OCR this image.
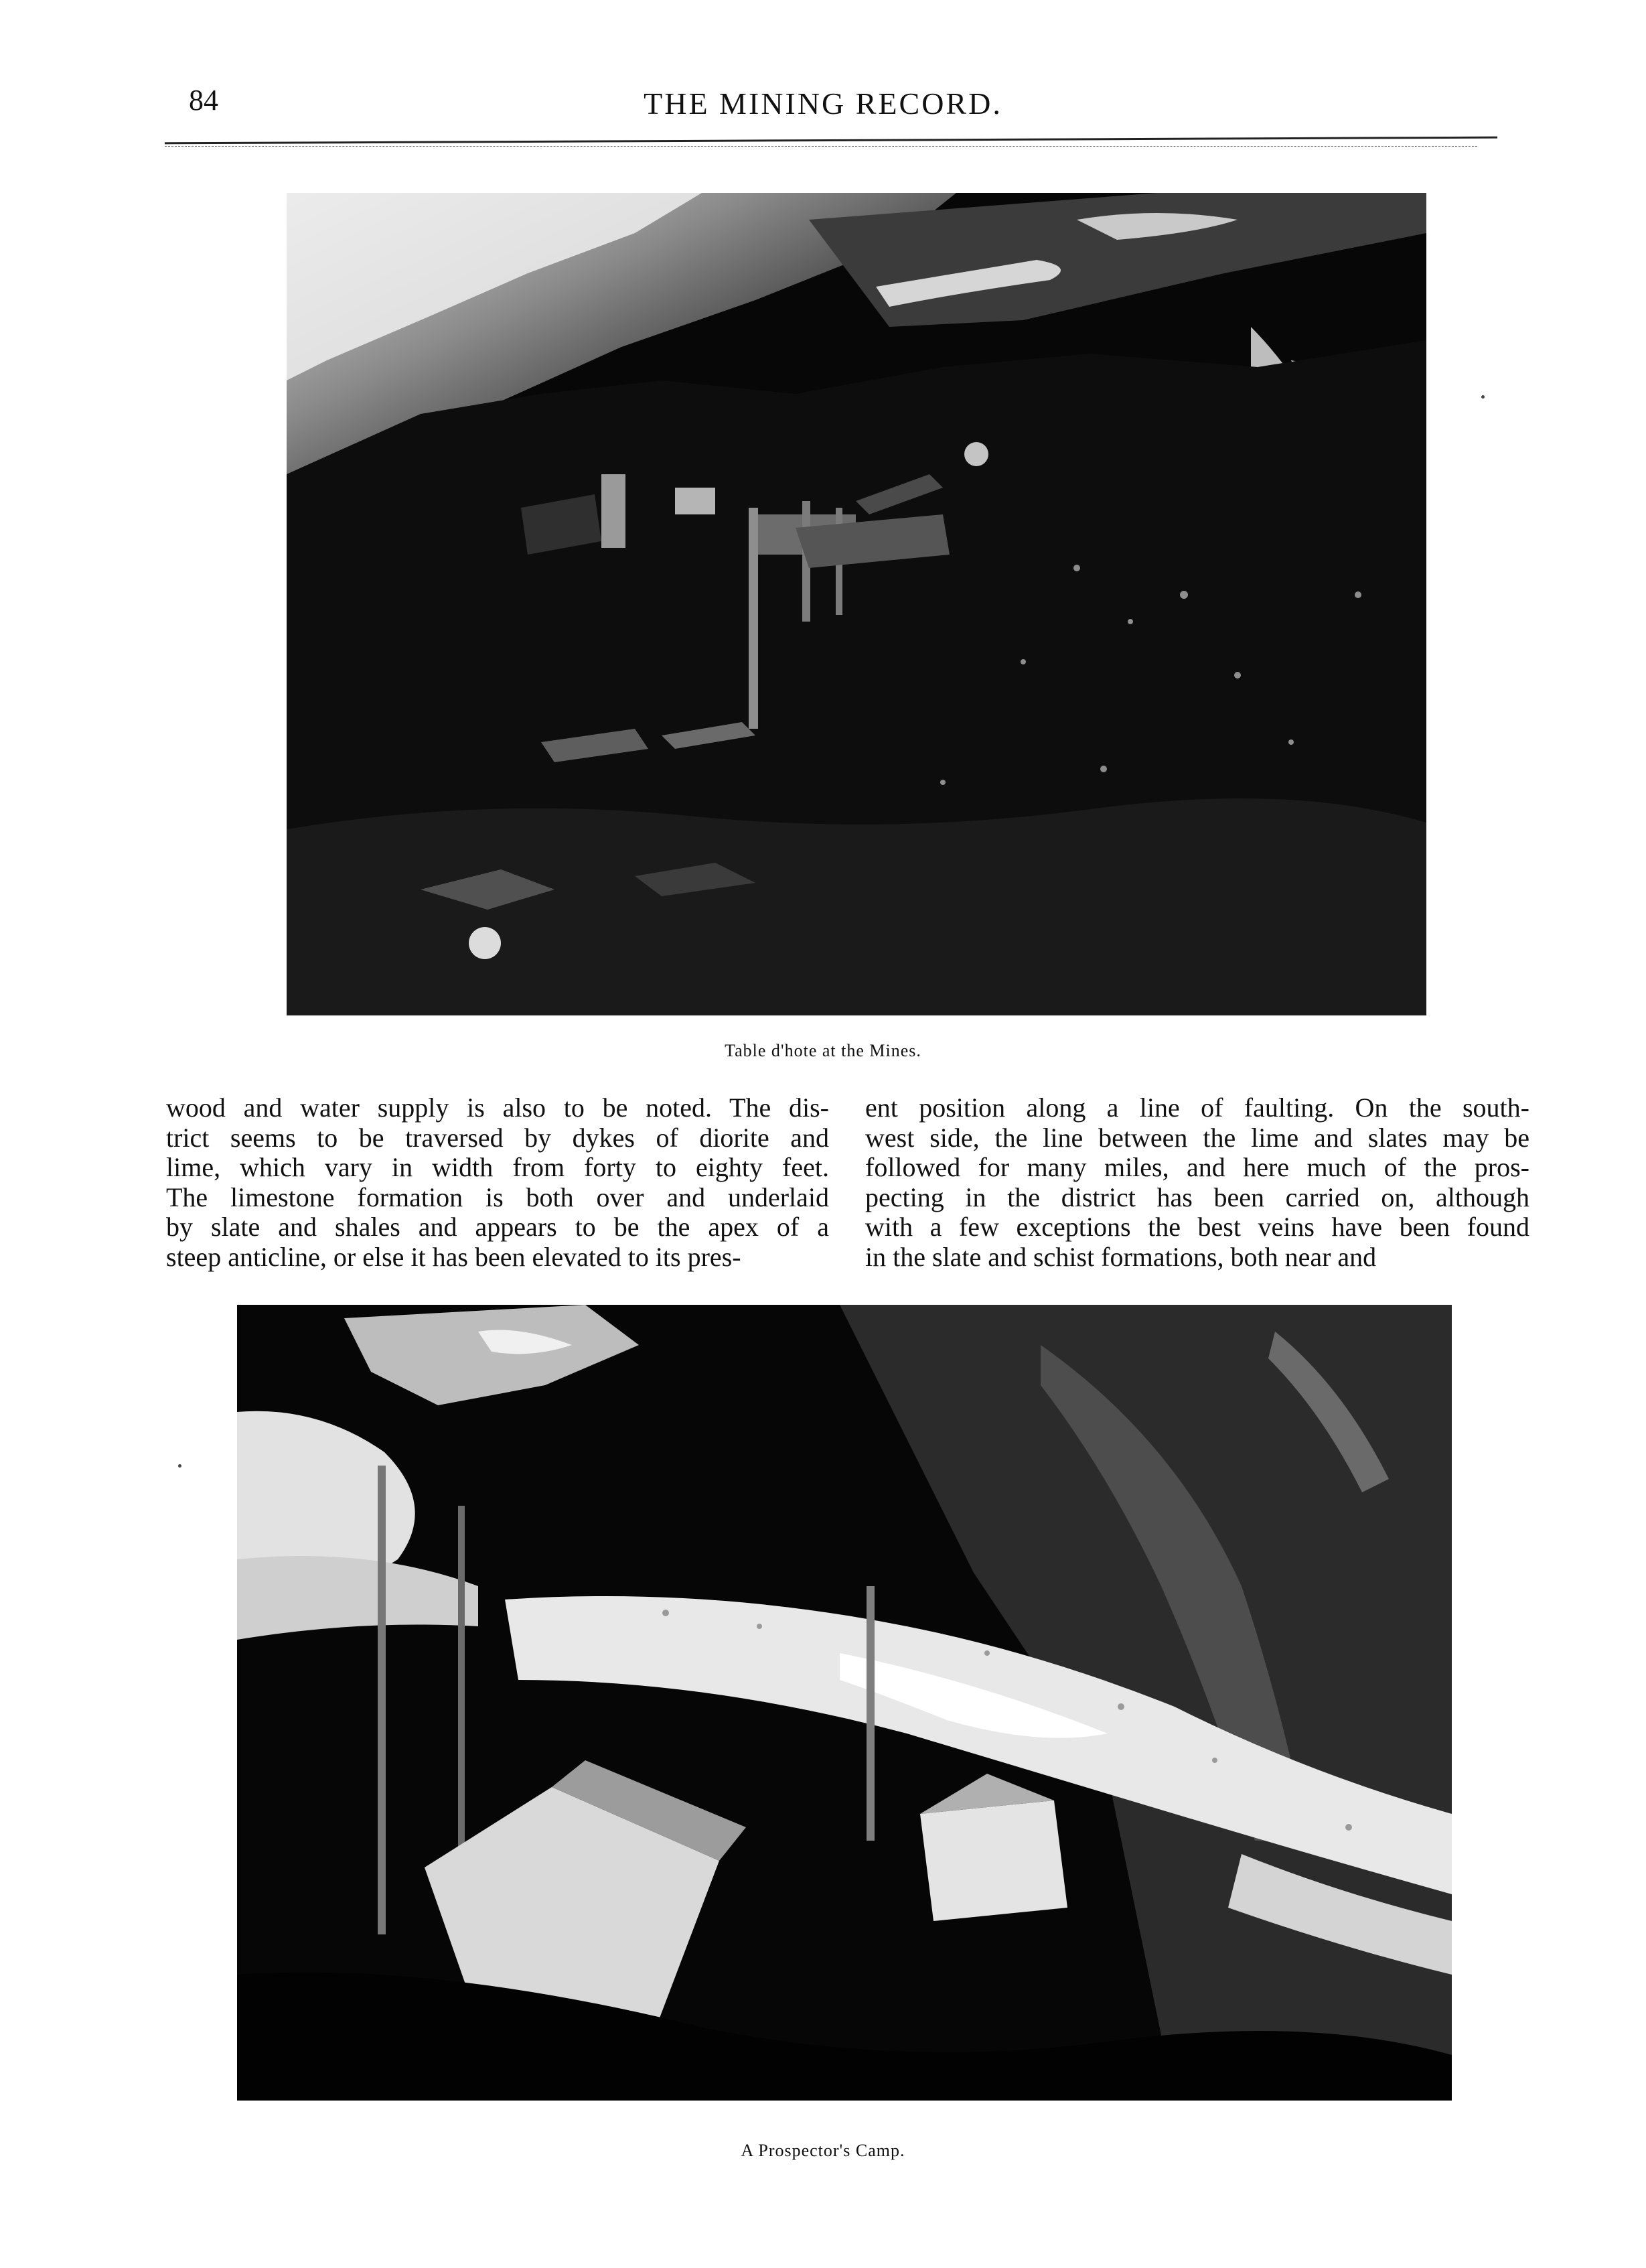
84	THE MINING RECORD.
Table d'hote at the Mines.
wood and water supply is also to be noted. The dis-
trict seems to be traversed by dykes of diorite and
lime, which vary in width from forty to eighty feet.
The limestone formation is both over and underlaid
by slate and shales and appears to be the apex of a
steep anticline, or else it has been elevated to its pres-
ent position along a line of faulting. On the south-
west side, the line between the lime and slates may be
followed for many miles, and here much of the pros-
pecting in the district has been carried on, although
with a few exceptions the best veins have been found
in the slate and schist formations, both near and
A Prospector's Camp.
